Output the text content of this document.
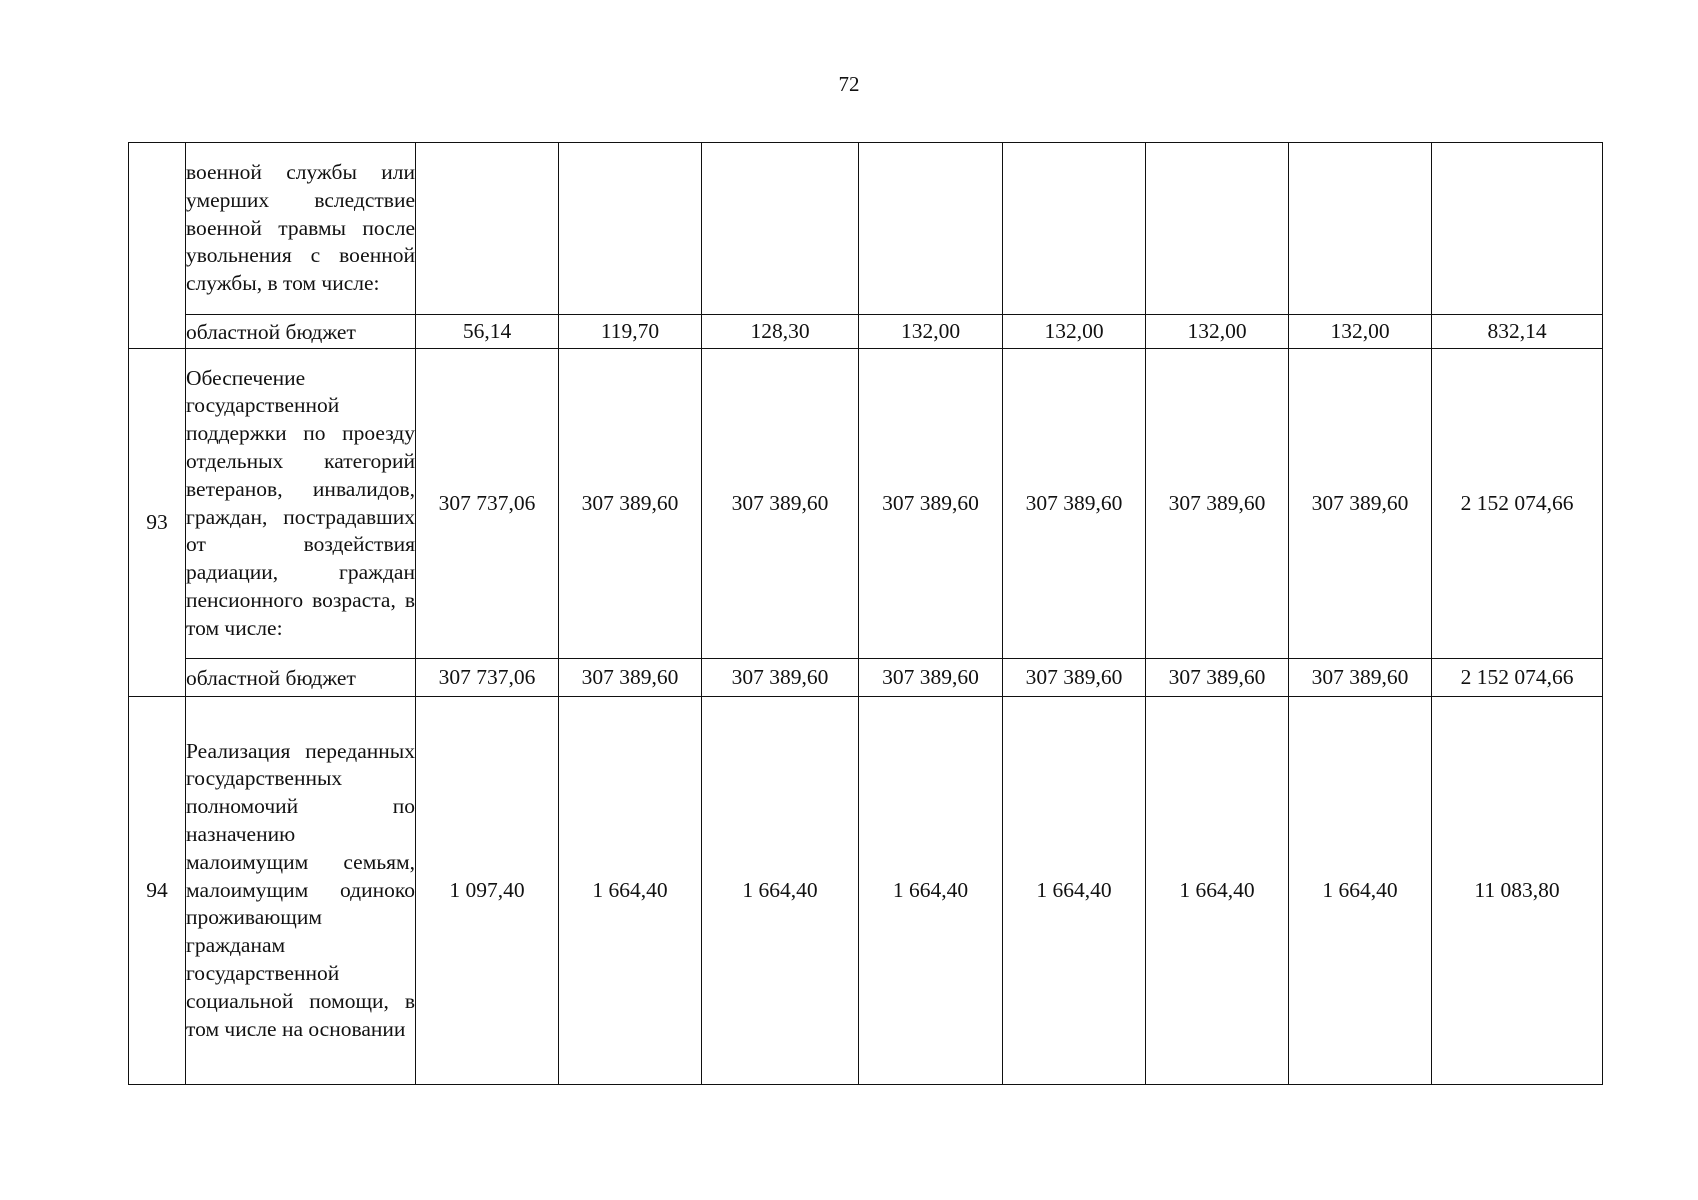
72
	военной службы или умерших вследствие военной травмы после увольнения с военной службы, в том числе:								
	областной бюджет	56,14	119,70	128,30	132,00	132,00	132,00	132,00	832,14
93	Обеспечение государственной поддержки по проезду отдельных категорий ветеранов, инвалидов, граждан, пострадавших от воздействия радиации, граждан пенсионного возраста, в том числе:	307 737,06	307 389,60	307 389,60	307 389,60	307 389,60	307 389,60	307 389,60	2 152 074,66
	областной бюджет	307 737,06	307 389,60	307 389,60	307 389,60	307 389,60	307 389,60	307 389,60	2 152 074,66
94	Реализация переданных государственных полномочий по назначению малоимущим семьям, малоимущим одиноко проживающим гражданам государственной социальной помощи, в том числе на основании	1 097,40	1 664,40	1 664,40	1 664,40	1 664,40	1 664,40	1 664,40	11 083,80
